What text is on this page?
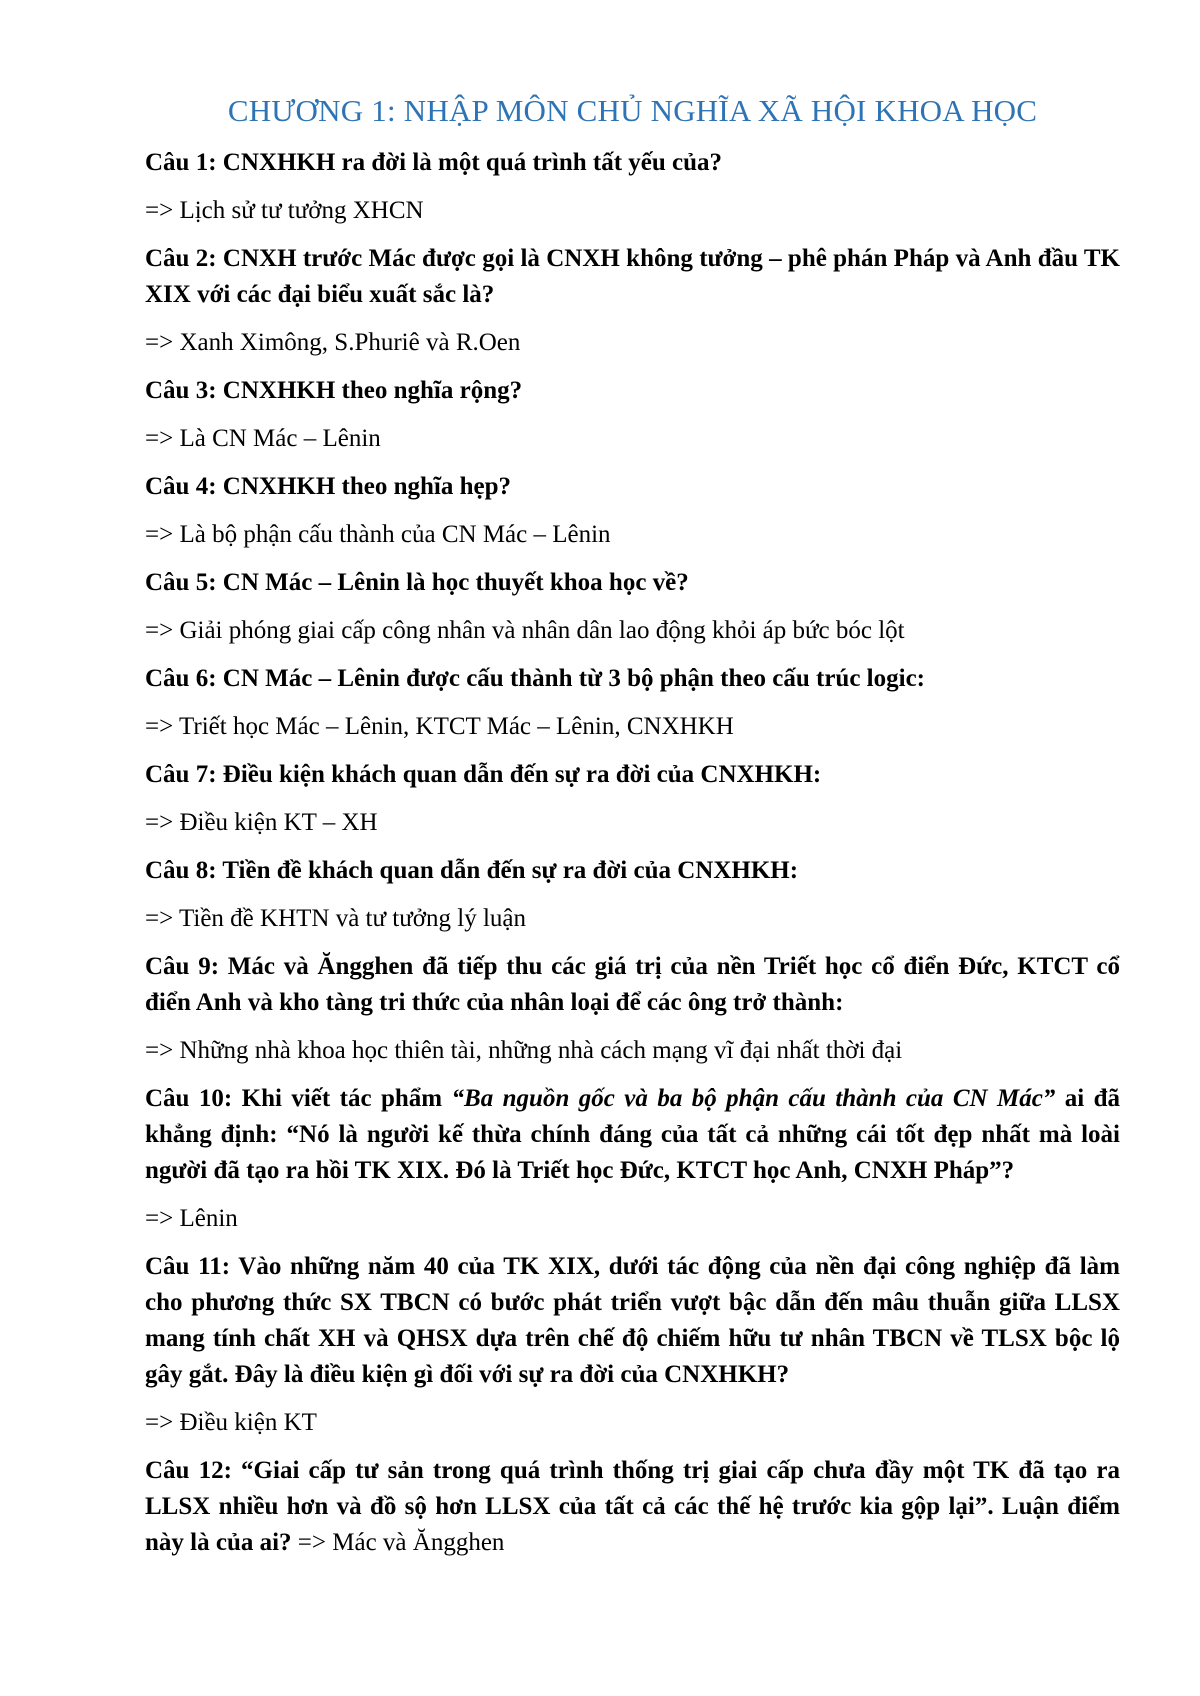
CHƯƠNG 1: NHẬP MÔN CHỦ NGHĨA XÃ HỘI KHOA HỌC

Câu 1: CNXHKH ra đời là một quá trình tất yếu của?

=> Lịch sử tư tưởng XHCN

Câu 2: CNXH trước Mác được gọi là CNXH không tưởng – phê phán Pháp và Anh đầu TK XIX với các đại biểu xuất sắc là?

=> Xanh Ximông, S.Phuriê và R.Oen

Câu 3: CNXHKH theo nghĩa rộng?

=> Là CN Mác – Lênin

Câu 4: CNXHKH theo nghĩa hẹp?

=> Là bộ phận cấu thành của CN Mác – Lênin

Câu 5: CN Mác – Lênin là học thuyết khoa học về?

=> Giải phóng giai cấp công nhân và nhân dân lao động khỏi áp bức bóc lột

Câu 6: CN Mác – Lênin được cấu thành từ 3 bộ phận theo cấu trúc logic:

=> Triết học Mác – Lênin, KTCT Mác – Lênin, CNXHKH

Câu 7: Điều kiện khách quan dẫn đến sự ra đời của CNXHKH:

=> Điều kiện KT – XH

Câu 8: Tiền đề khách quan dẫn đến sự ra đời của CNXHKH:

=> Tiền đề KHTN và tư tưởng lý luận

Câu 9: Mác và Ăngghen đã tiếp thu các giá trị của nền Triết học cổ điển Đức, KTCT cổ điển Anh và kho tàng tri thức của nhân loại để các ông trở thành:

=> Những nhà khoa học thiên tài, những nhà cách mạng vĩ đại nhất thời đại

Câu 10: Khi viết tác phẩm “Ba nguồn gốc và ba bộ phận cấu thành của CN Mác” ai đã khẳng định: “Nó là người kế thừa chính đáng của tất cả những cái tốt đẹp nhất mà loài người đã tạo ra hồi TK XIX. Đó là Triết học Đức, KTCT học Anh, CNXH Pháp”?

=> Lênin

Câu 11: Vào những năm 40 của TK XIX, dưới tác động của nền đại công nghiệp đã làm cho phương thức SX TBCN có bước phát triển vượt bậc dẫn đến mâu thuẫn giữa LLSX mang tính chất XH và QHSX dựa trên chế độ chiếm hữu tư nhân TBCN về TLSX bộc lộ gây gắt. Đây là điều kiện gì đối với sự ra đời của CNXHKH?

=> Điều kiện KT

Câu 12: “Giai cấp tư sản trong quá trình thống trị giai cấp chưa đầy một TK đã tạo ra LLSX nhiều hơn và đồ sộ hơn LLSX của tất cả các thế hệ trước kia gộp lại”. Luận điểm này là của ai? => Mác và Ăngghen
